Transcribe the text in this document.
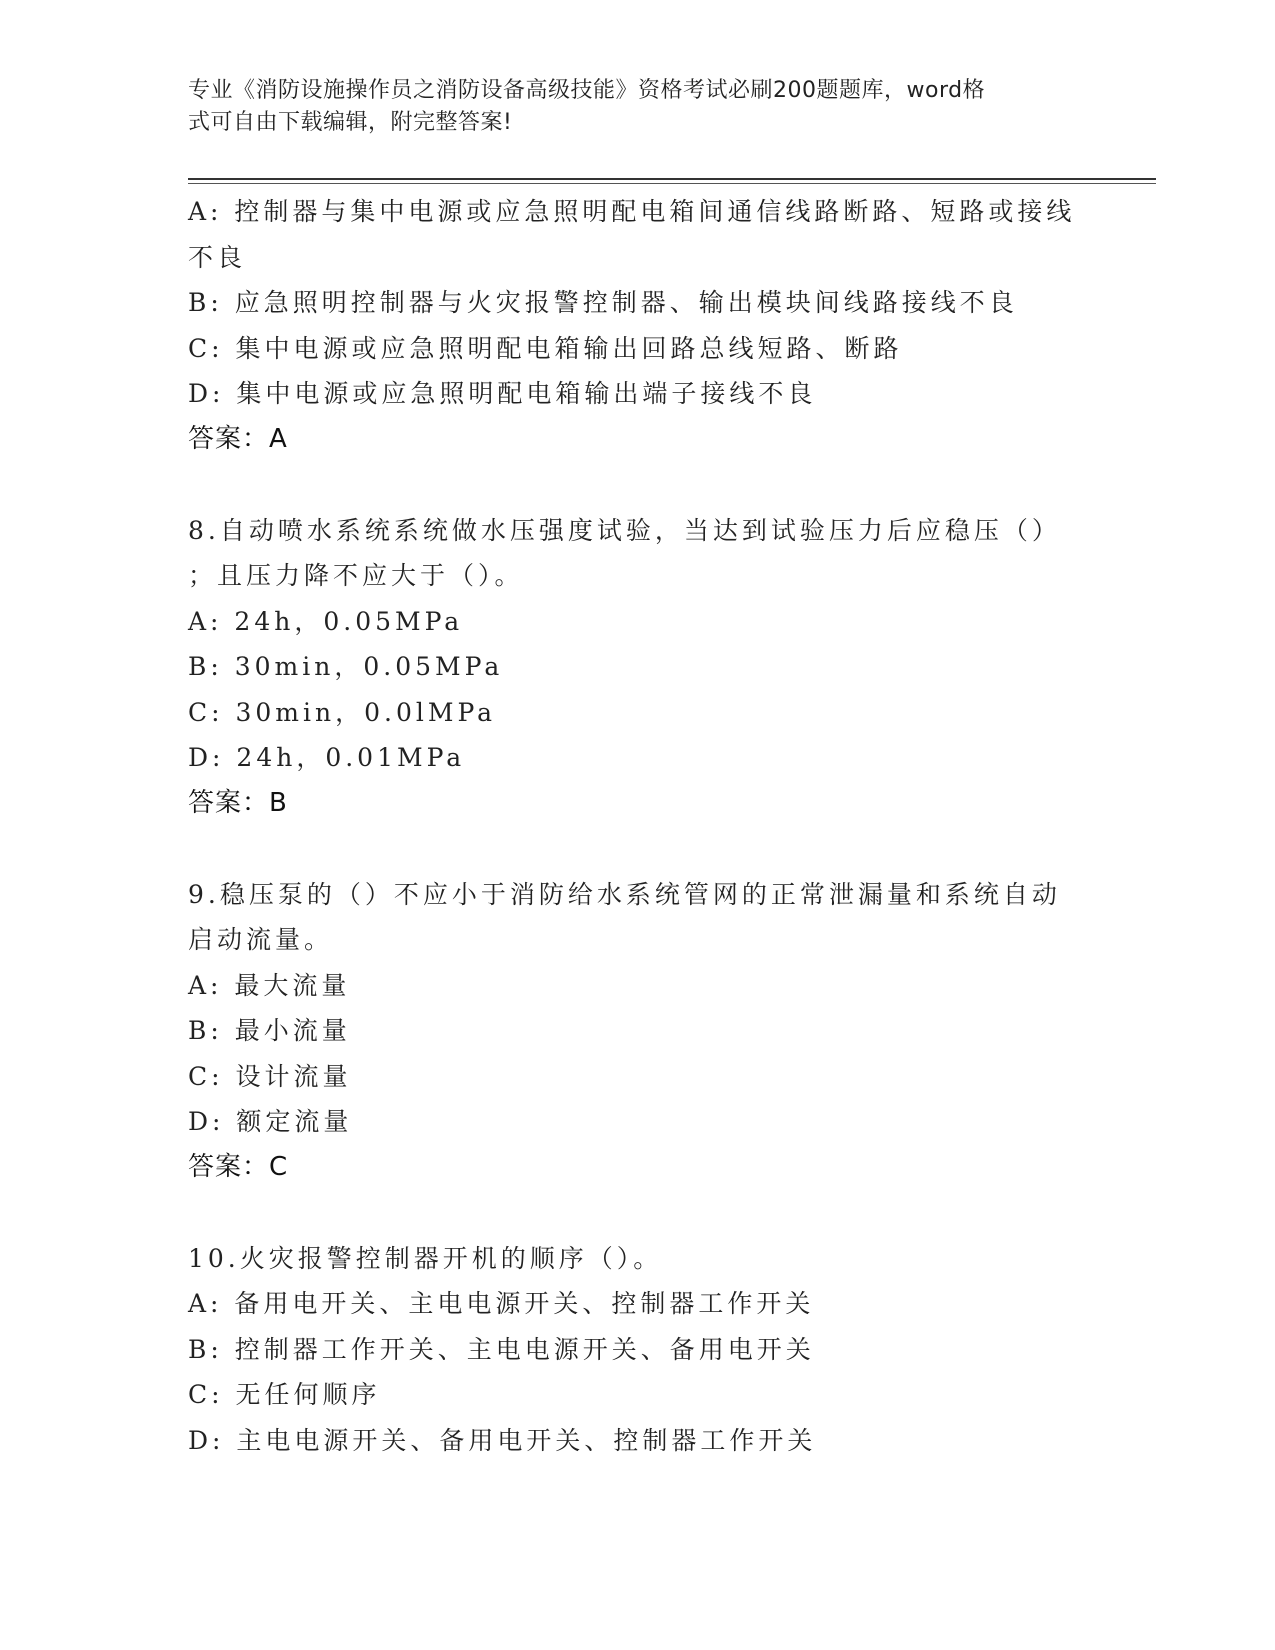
专业《消防设施操作员之消防设备高级技能》资格考试必刷200题题库，word格
式可自由下载编辑，附完整答案!
A: 控制器与集中电源或应急照明配电箱间通信线路断路、短路或接线
不良
B: 应急照明控制器与火灾报警控制器、输出模块间线路接线不良
C: 集中电源或应急照明配电箱输出回路总线短路、断路
D: 集中电源或应急照明配电箱输出端子接线不良
答案：A
8.自动喷水系统系统做水压强度试验，当达到试验压力后应稳压（）
；且压力降不应大于（）。
A: 24h，0.05MPa
B: 30min，0.05MPa
C: 30min，0.0lMPa
D: 24h，0.01MPa
答案：B
9.稳压泵的（）不应小于消防给水系统管网的正常泄漏量和系统自动
启动流量。
A: 最大流量
B: 最小流量
C: 设计流量
D: 额定流量
答案：C
10.火灾报警控制器开机的顺序（）。
A: 备用电开关、主电电源开关、控制器工作开关
B: 控制器工作开关、主电电源开关、备用电开关
C: 无任何顺序
D: 主电电源开关、备用电开关、控制器工作开关
